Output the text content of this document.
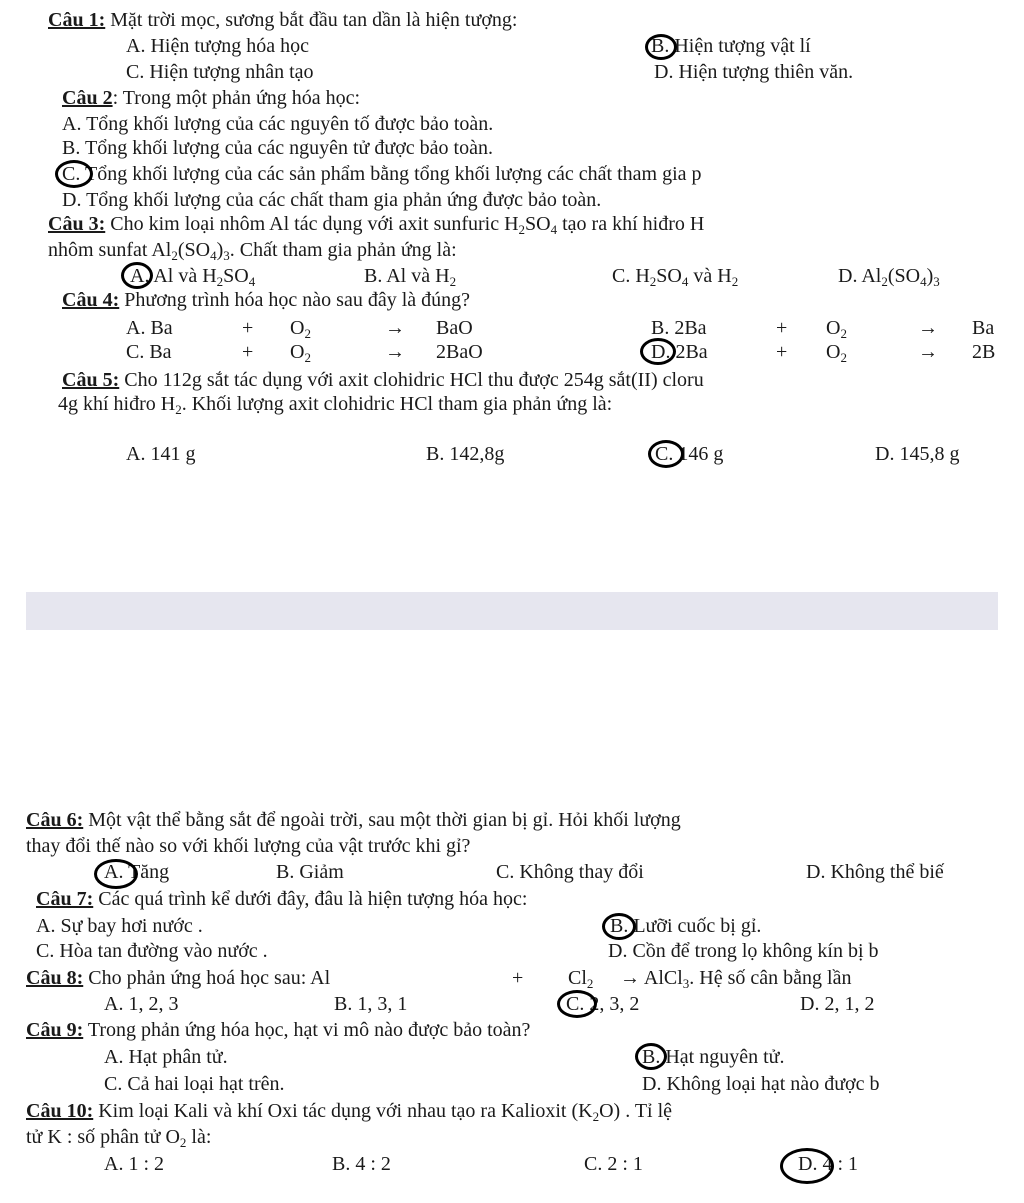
Câu 1: Mặt trời mọc, sương bắt đầu tan dần là hiện tượng:
A. Hiện tượng hóa học	B. Hiện tượng vật lí
C. Hiện tượng nhân tạo	D. Hiện tượng thiên văn.
Câu 2: Trong một phản ứng hóa học:
A. Tổng khối lượng của các nguyên tố được bảo toàn.
B. Tổng khối lượng của các nguyên tử được bảo toàn.
C. Tổng khối lượng của các sản phẩm bằng tổng khối lượng các chất tham gia p
D. Tổng khối lượng của các chất tham gia phản ứng được bảo toàn.
Câu 3: Cho kim loại nhôm Al tác dụng với axit sunfuric $H_2SO_4$ tạo ra khí hiđro H
nhôm sunfat $Al_2(SO_4)_3$. Chất tham gia phản ứng là:
A. Al và $H_2SO_4$	B. Al và $H_2$	C. $H_2SO_4$ và $H_2$	D. $Al_2(SO_4)_3$
Câu 4: Phương trình hóa học nào sau đây là đúng?
A. Ba	+ $O_2$	→ BaO	B. 2Ba	+ $O_2$	→ Ba
C. Ba	+ $O_2$	→ 2BaO	D. 2Ba	+ $O_2$	→ 2B
Câu 5: Cho 112g sắt tác dụng với axit clohidric HCl thu được 254g sắt(II) cloru
4g khí hiđro $H_2$. Khối lượng axit clohidric HCl tham gia phản ứng là:
A. 141 g	B. 142,8g	C. 146 g	D. 145,8 g
Câu 6: Một vật thể bằng sắt để ngoài trời, sau một thời gian bị gỉ. Hỏi khối lượng
thay đổi thế nào so với khối lượng của vật trước khi gỉ?
A. Tăng	B. Giảm	C. Không thay đổi	D. Không thể biế
Câu 7: Các quá trình kể dưới đây, đâu là hiện tượng hóa học:
A. Sự bay hơi nước .	B. Lưỡi cuốc bị gỉ.
C. Hòa tan đường vào nước .	D. Cồn để trong lọ không kín bị b
Câu 8: Cho phản ứng hoá học sau: Al	+ $Cl_2$ → AlCl$_3$. Hệ số cân bằng lần
A. 1, 2, 3	B. 1, 3, 1	C. 2, 3, 2	D. 2, 1, 2
Câu 9: Trong phản ứng hóa học, hạt vi mô nào được bảo toàn?
A. Hạt phân tử.	B. Hạt nguyên tử.
C. Cả hai loại hạt trên.	D. Không loại hạt nào được b
Câu 10: Kim loại Kali và khí Oxi tác dụng với nhau tạo ra Kalioxit $(K_2O)$ . Tỉ lệ
tử K : số phân tử $O_2$ là:
A. 1 : 2	B. 4 : 2	C. 2 : 1	D. 4 : 1
